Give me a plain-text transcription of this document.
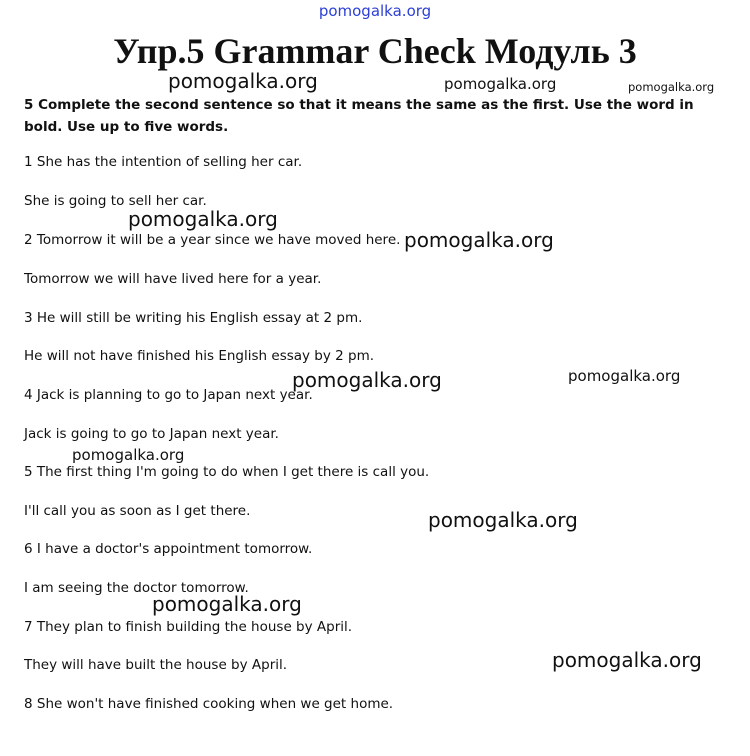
pomogalka.org
Упр.5 Grammar Check Модуль 3
5 Complete the second sentence so that it means the same as the first. Use the word in bold. Use up to five words.
1 She has the intention of selling her car.
She is going to sell her car.
2 Tomorrow it will be a year since we have moved here.
Tomorrow we will have lived here for a year.
3 He will still be writing his English essay at 2 pm.
He will not have finished his English essay by 2 pm.
4 Jack is planning to go to Japan next year.
Jack is going to go to Japan next year.
5 The first thing I'm going to do when I get there is call you.
I'll call you as soon as I get there.
6 I have a doctor's appointment tomorrow.
I am seeing the doctor tomorrow.
7 They plan to finish building the house by April.
They will have built the house by April.
8 She won't have finished cooking when we get home.
pomogalka.org	pomogalka.org	pomogalka.org
pomogalka.org
pomogalka.org
pomogalka.org	pomogalka.org
pomogalka.org
pomogalka.org
pomogalka.org
pomogalka.org
